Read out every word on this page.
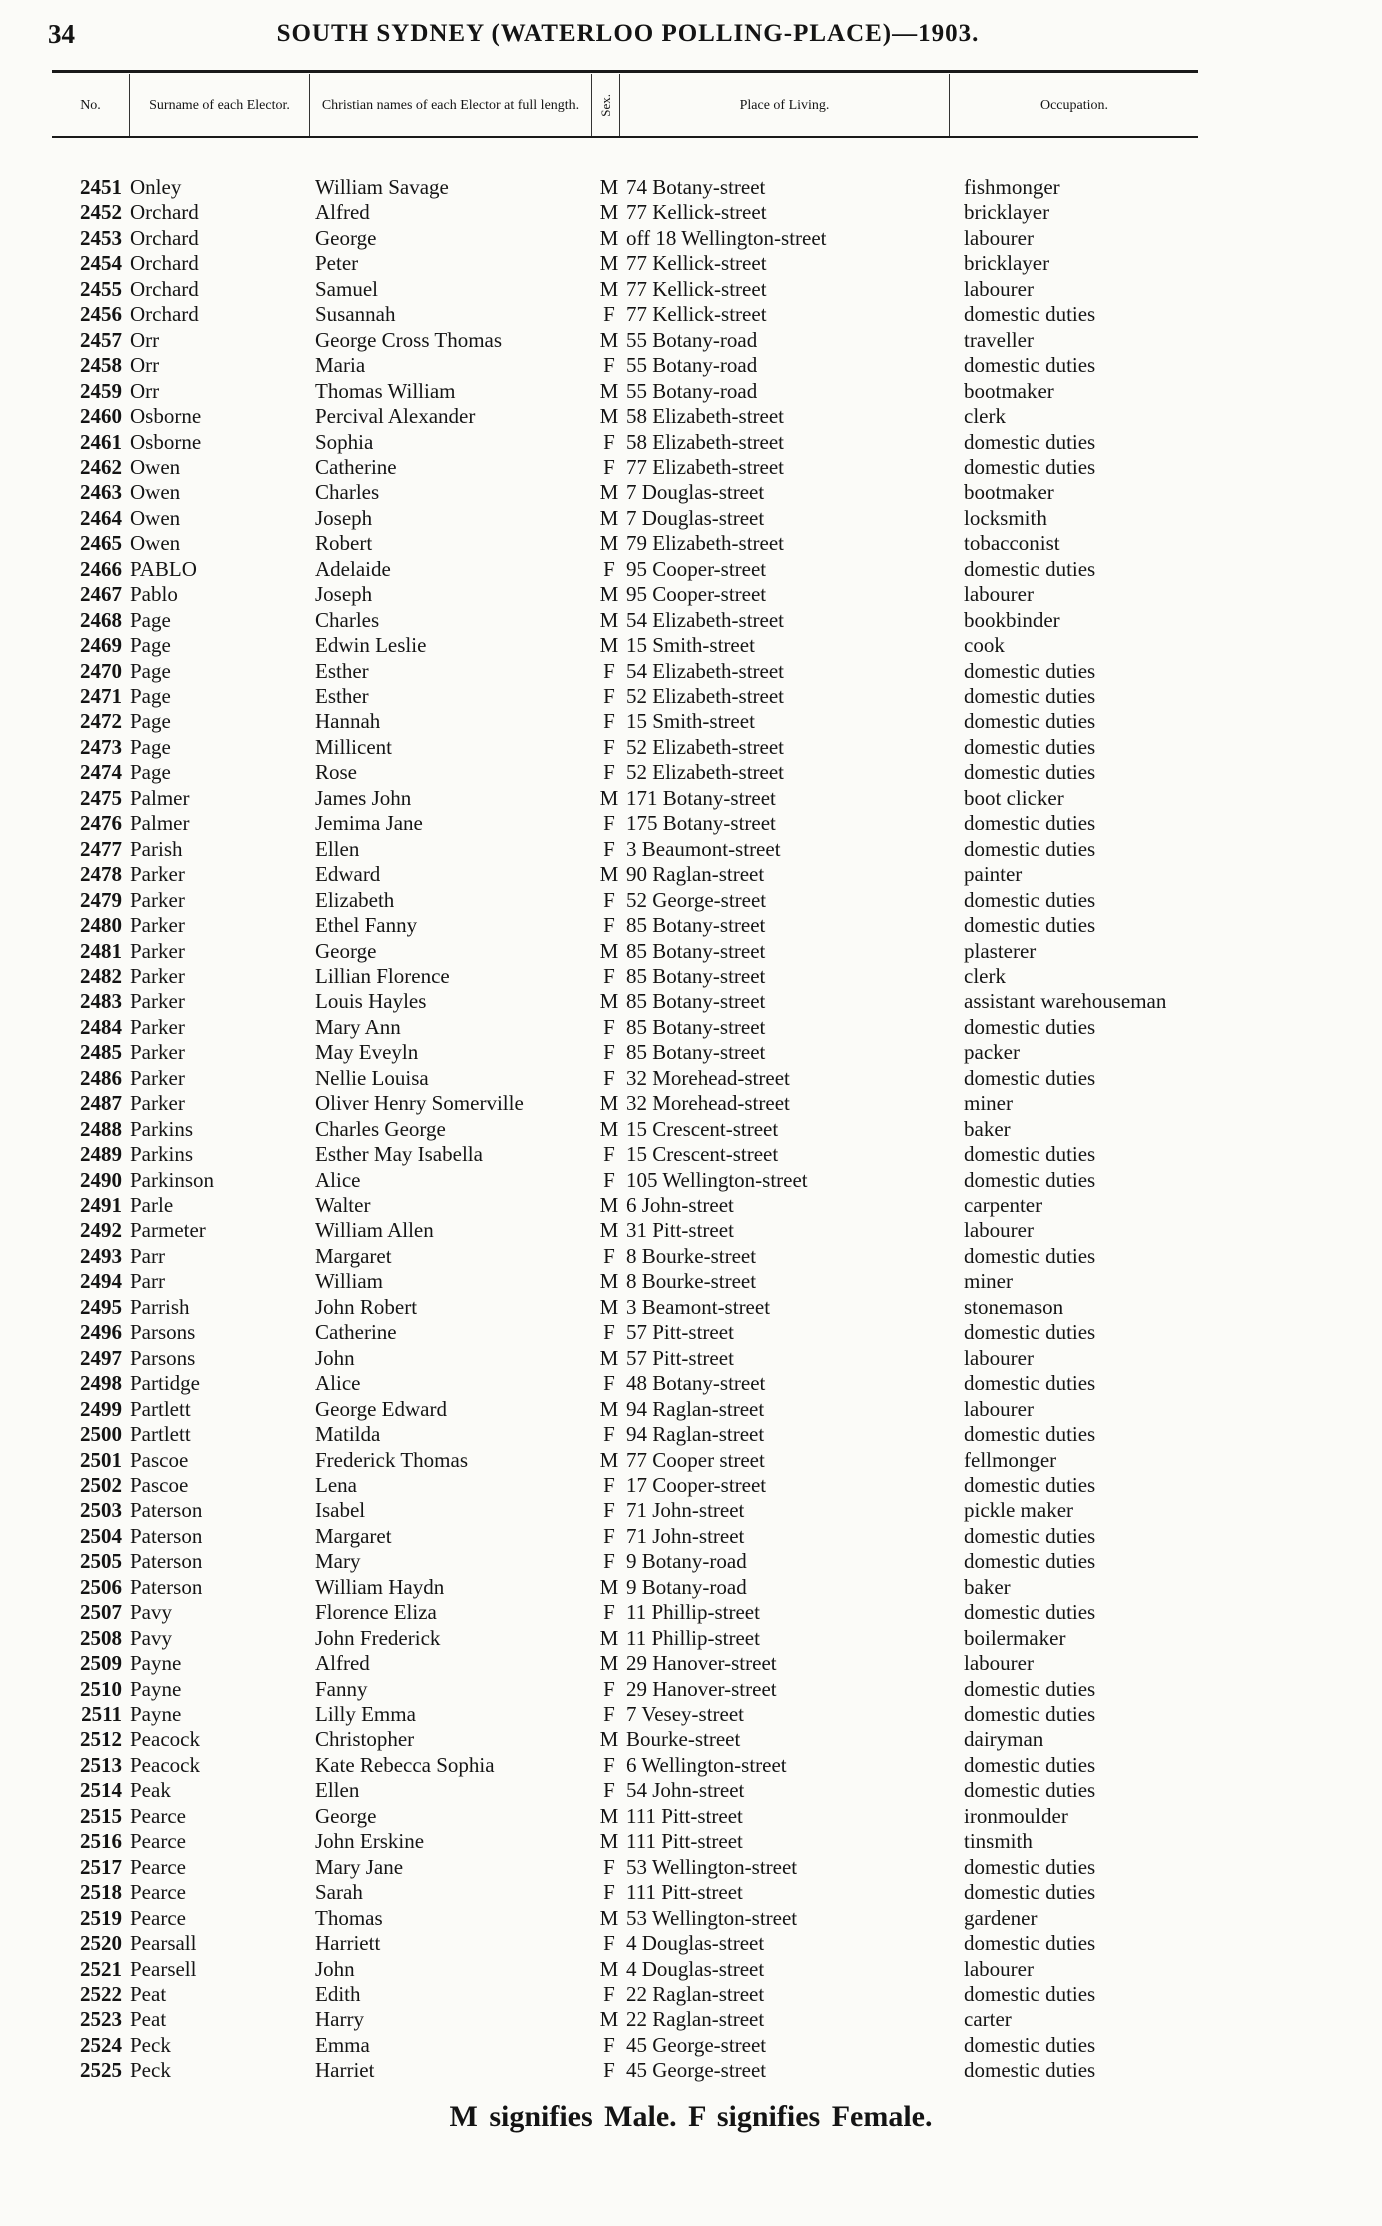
34	SOUTH SYDNEY (WATERLOO POLLING-PLACE)—1903.
No.	Surname of each Elector.	Christian names of each Elector at full length.	Sex.	Place of Living.	Occupation.
2451 Onley	William Savage	M 74 Botany-street	fishmonger
2452 Orchard	Alfred	M 77 Kellick-street	bricklayer
2453 Orchard	George	M off 18 Wellington-street	labourer
2454 Orchard	Peter	M 77 Kellick-street	bricklayer
2455 Orchard	Samuel	M 77 Kellick-street	labourer
2456 Orchard	Susannah	F 77 Kellick-street	domestic duties
2457 Orr	George Cross Thomas	M 55 Botany-road	traveller
2458 Orr	Maria	F 55 Botany-road	domestic duties
2459 Orr	Thomas William	M 55 Botany-road	bootmaker
2460 Osborne	Percival Alexander	M 58 Elizabeth-street	clerk
2461 Osborne	Sophia	F 58 Elizabeth-street	domestic duties
2462 Owen	Catherine	F 77 Elizabeth-street	domestic duties
2463 Owen	Charles	M 7 Douglas-street	bootmaker
2464 Owen	Joseph	M 7 Douglas-street	locksmith
2465 Owen	Robert	M 79 Elizabeth-street	tobacconist
2466 PABLO	Adelaide	F 95 Cooper-street	domestic duties
2467 Pablo	Joseph	M 95 Cooper-street	labourer
2468 Page	Charles	M 54 Elizabeth-street	bookbinder
2469 Page	Edwin Leslie	M 15 Smith-street	cook
2470 Page	Esther	F 54 Elizabeth-street	domestic duties
2471 Page	Esther	F 52 Elizabeth-street	domestic duties
2472 Page	Hannah	F 15 Smith-street	domestic duties
2473 Page	Millicent	F 52 Elizabeth-street	domestic duties
2474 Page	Rose	F 52 Elizabeth-street	domestic duties
2475 Palmer	James John	M 171 Botany-street	boot clicker
2476 Palmer	Jemima Jane	F 175 Botany-street	domestic duties
2477 Parish	Ellen	F 3 Beaumont-street	domestic duties
2478 Parker	Edward	M 90 Raglan-street	painter
2479 Parker	Elizabeth	F 52 George-street	domestic duties
2480 Parker	Ethel Fanny	F 85 Botany-street	domestic duties
2481 Parker	George	M 85 Botany-street	plasterer
2482 Parker	Lillian Florence	F 85 Botany-street	clerk
2483 Parker	Louis Hayles	M 85 Botany-street	assistant warehouseman
2484 Parker	Mary Ann	F 85 Botany-street	domestic duties
2485 Parker	May Eveyln	F 85 Botany-street	packer
2486 Parker	Nellie Louisa	F 32 Morehead-street	domestic duties
2487 Parker	Oliver Henry Somerville	M 32 Morehead-street	miner
2488 Parkins	Charles George	M 15 Crescent-street	baker
2489 Parkins	Esther May Isabella	F 15 Crescent-street	domestic duties
2490 Parkinson	Alice	F 105 Wellington-street	domestic duties
2491 Parle	Walter	M 6 John-street	carpenter
2492 Parmeter	William Allen	M 31 Pitt-street	labourer
2493 Parr	Margaret	F 8 Bourke-street	domestic duties
2494 Parr	William	M 8 Bourke-street	miner
2495 Parrish	John Robert	M 3 Beamont-street	stonemason
2496 Parsons	Catherine	F 57 Pitt-street	domestic duties
2497 Parsons	John	M 57 Pitt-street	labourer
2498 Partidge	Alice	F 48 Botany-street	domestic duties
2499 Partlett	George Edward	M 94 Raglan-street	labourer
2500 Partlett	Matilda	F 94 Raglan-street	domestic duties
2501 Pascoe	Frederick Thomas	M 77 Cooper street	fellmonger
2502 Pascoe	Lena	F 17 Cooper-street	domestic duties
2503 Paterson	Isabel	F 71 John-street	pickle maker
2504 Paterson	Margaret	F 71 John-street	domestic duties
2505 Paterson	Mary	F 9 Botany-road	domestic duties
2506 Paterson	William Haydn	M 9 Botany-road	baker
2507 Pavy	Florence Eliza	F 11 Phillip-street	domestic duties
2508 Pavy	John Frederick	M 11 Phillip-street	boilermaker
2509 Payne	Alfred	M 29 Hanover-street	labourer
2510 Payne	Fanny	F 29 Hanover-street	domestic duties
2511 Payne	Lilly Emma	F 7 Vesey-street	domestic duties
2512 Peacock	Christopher	M Bourke-street	dairyman
2513 Peacock	Kate Rebecca Sophia	F 6 Wellington-street	domestic duties
2514 Peak	Ellen	F 54 John-street	domestic duties
2515 Pearce	George	M 111 Pitt-street	ironmoulder
2516 Pearce	John Erskine	M 111 Pitt-street	tinsmith
2517 Pearce	Mary Jane	F 53 Wellington-street	domestic duties
2518 Pearce	Sarah	F 111 Pitt-street	domestic duties
2519 Pearce	Thomas	M 53 Wellington-street	gardener
2520 Pearsall	Harriett	F 4 Douglas-street	domestic duties
2521 Pearsell	John	M 4 Douglas-street	labourer
2522 Peat	Edith	F 22 Raglan-street	domestic duties
2523 Peat	Harry	M 22 Raglan-street	carter
2524 Peck	Emma	F 45 George-street	domestic duties
2525 Peck	Harriet	F 45 George-street	domestic duties
M signifies Male. F signifies Female.
